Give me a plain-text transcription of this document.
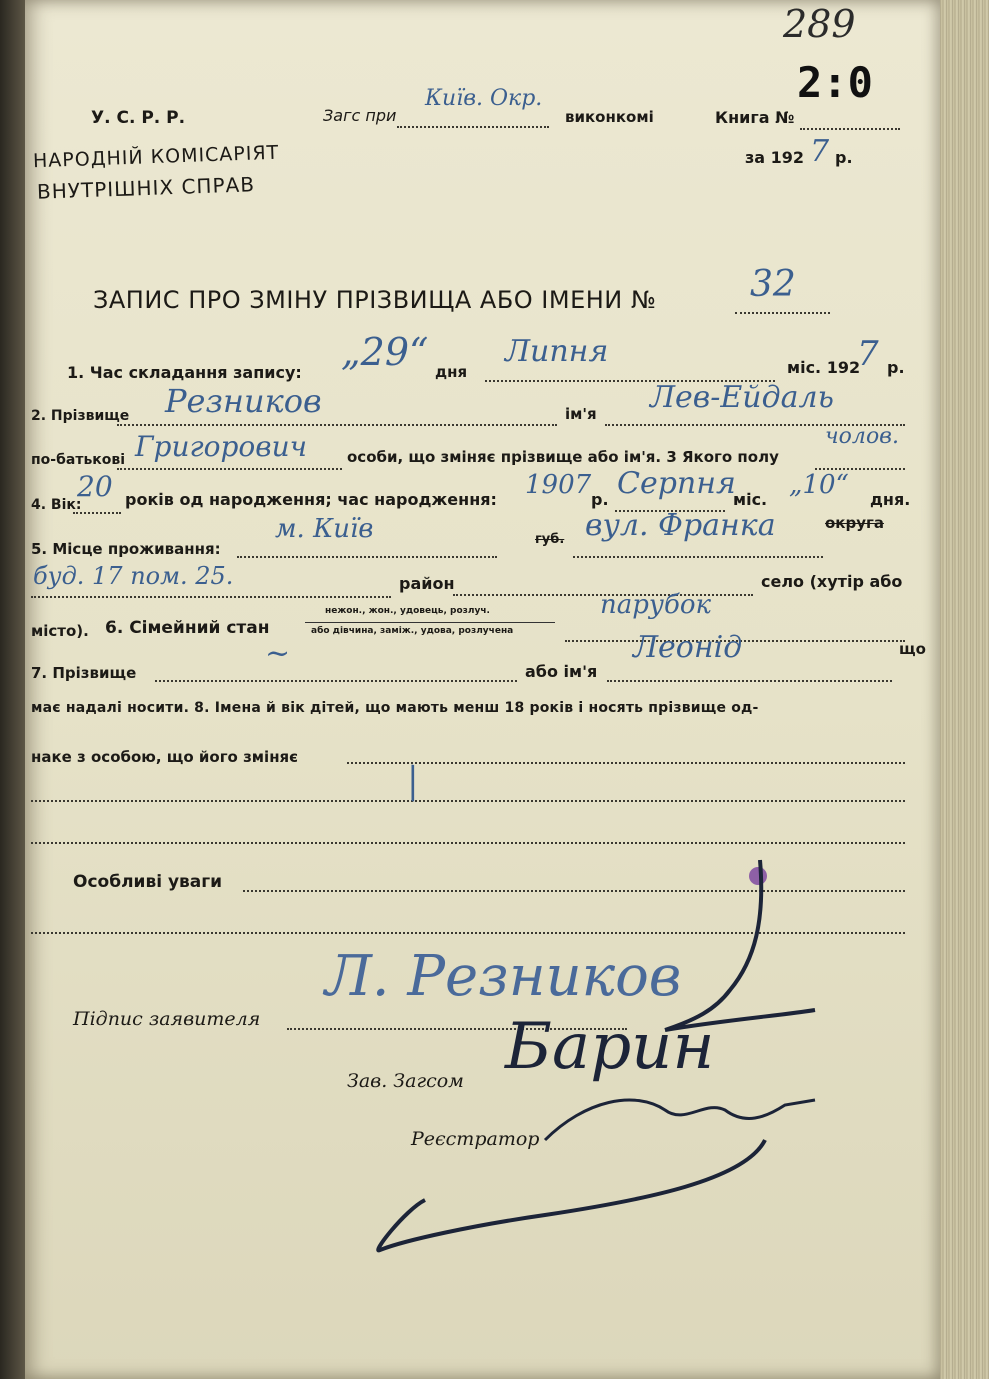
289
2:0
У. С. Р. Р.
НАРОДНІЙ КОМІСАРІЯТ
ВНУТРІШНІХ СПРАВ
Загс при
Київ. Окр.
виконкомі	Книга №
за 192 7 р.
ЗАПИС ПРО ЗМІНУ ПРІЗВИЩА АБО ІМЕНИ №	32
1. Час складання запису: „29“ дня
Липня	міс. 192
7 р.
2. Прізвище Резников	ім'я Лев-Ейдаль
по-батькові Григорович	особи, що зміняє прізвище або ім'я. 3 Якого полу
чолов.
4. Вік:
20 років од народження; час народження: 1907 р. Серпня
міс. „10“ дня.
5. Місце проживання:
м. Київ	губ. вул. Франка	округа
буд. 17 пом. 25.	район	село (хутір або
місто). 6. Сімейний стан
нежон., жон., удовець, розлуч.
або дівчина, заміж., удова, розлучена
парубок
7. Прізвище
~
або ім'я
Леонід	що
має надалі носити. 8. Імена й вік дітей, що мають менш 18 років і носять прізвище од-
наке з особою, що його зміняє
—
Особливі уваги
Підпис заявителя
Л. Резников
Зав. Загсом Барин
Реєстратор
